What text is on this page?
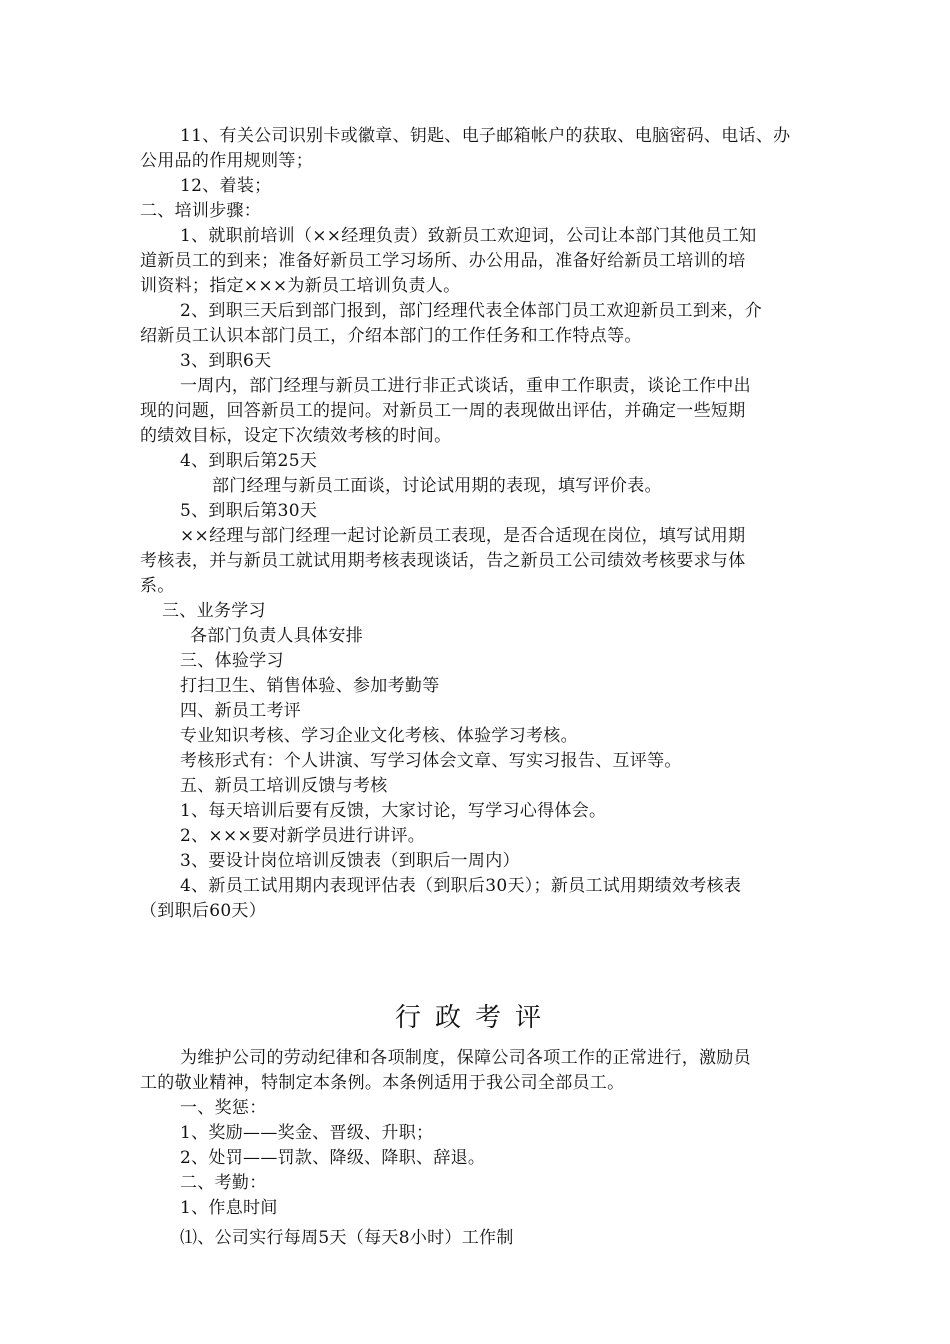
11、有关公司识别卡或徽章、钥匙、电子邮箱帐户的获取、电脑密码、电话、办
公用品的作用规则等；
12、着装；
二、培训步骤：
1、就职前培训（××经理负责）致新员工欢迎词，公司让本部门其他员工知
道新员工的到来；准备好新员工学习场所、办公用品，准备好给新员工培训的培
训资料；指定×××为新员工培训负责人。
2、到职三天后到部门报到，部门经理代表全体部门员工欢迎新员工到来，介
绍新员工认识本部门员工，介绍本部门的工作任务和工作特点等。
3、到职6天
一周内，部门经理与新员工进行非正式谈话，重申工作职责，谈论工作中出
现的问题，回答新员工的提问。对新员工一周的表现做出评估，并确定一些短期
的绩效目标，设定下次绩效考核的时间。
4、到职后第25天
部门经理与新员工面谈，讨论试用期的表现，填写评价表。
5、到职后第30天
××经理与部门经理一起讨论新员工表现，是否合适现在岗位，填写试用期
考核表，并与新员工就试用期考核表现谈话，告之新员工公司绩效考核要求与体
系。
三、业务学习
各部门负责人具体安排
三、体验学习
打扫卫生、销售体验、参加考勤等
四、新员工考评
专业知识考核、学习企业文化考核、体验学习考核。
考核形式有：个人讲演、写学习体会文章、写实习报告、互评等。
五、新员工培训反馈与考核
1、每天培训后要有反馈，大家讨论，写学习心得体会。
2、×××要对新学员进行讲评。
3、要设计岗位培训反馈表（到职后一周内）
4、新员工试用期内表现评估表（到职后30天）；新员工试用期绩效考核表
（到职后60天）
行政考评
为维护公司的劳动纪律和各项制度，保障公司各项工作的正常进行，激励员
工的敬业精神，特制定本条例。本条例适用于我公司全部员工。
一、奖惩：
1、奖励——奖金、晋级、升职；
2、处罚——罚款、降级、降职、辞退。
二、考勤：
1、作息时间
⑴、公司实行每周5天（每天8小时）工作制
